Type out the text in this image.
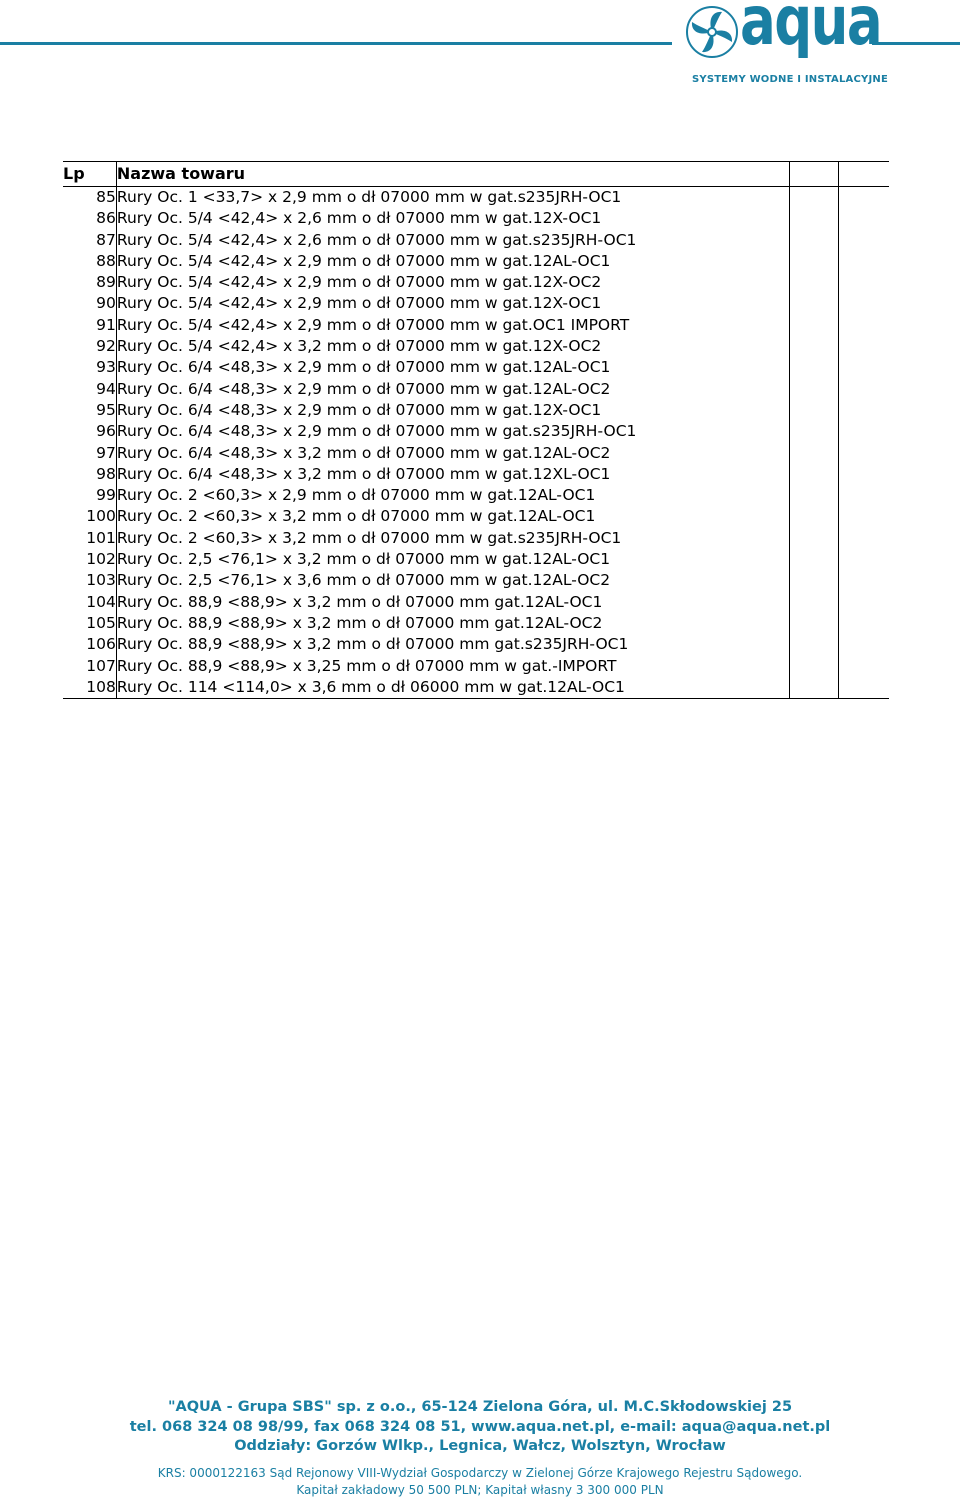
aqua
SYSTEMY WODNE I INSTALACYJNE
Lp	Nazwa towaru		
85	Rury Oc. 1 <33,7> x 2,9 mm o dł 07000 mm w gat.s235JRH-OC1		
86	Rury Oc. 5/4 <42,4> x 2,6 mm o dł 07000 mm w gat.12X-OC1		
87	Rury Oc. 5/4 <42,4> x 2,6 mm o dł 07000 mm w gat.s235JRH-OC1		
88	Rury Oc. 5/4 <42,4> x 2,9 mm o dł 07000 mm w gat.12AL-OC1		
89	Rury Oc. 5/4 <42,4> x 2,9 mm o dł 07000 mm w gat.12X-OC2		
90	Rury Oc. 5/4 <42,4> x 2,9 mm o dł 07000 mm w gat.12X-OC1		
91	Rury Oc. 5/4 <42,4> x 2,9 mm o dł 07000 mm w gat.OC1 IMPORT		
92	Rury Oc. 5/4 <42,4> x 3,2 mm o dł 07000 mm w gat.12X-OC2		
93	Rury Oc. 6/4 <48,3> x 2,9 mm o dł 07000 mm w gat.12AL-OC1		
94	Rury Oc. 6/4 <48,3> x 2,9 mm o dł 07000 mm w gat.12AL-OC2		
95	Rury Oc. 6/4 <48,3> x 2,9 mm o dł 07000 mm w gat.12X-OC1		
96	Rury Oc. 6/4 <48,3> x 2,9 mm o dł 07000 mm w gat.s235JRH-OC1		
97	Rury Oc. 6/4 <48,3> x 3,2 mm o dł 07000 mm w gat.12AL-OC2		
98	Rury Oc. 6/4 <48,3> x 3,2 mm o dł 07000 mm w gat.12XL-OC1		
99	Rury Oc. 2 <60,3> x 2,9 mm o dł 07000 mm w gat.12AL-OC1		
100	Rury Oc. 2 <60,3> x 3,2 mm o dł 07000 mm w gat.12AL-OC1		
101	Rury Oc. 2 <60,3> x 3,2 mm o dł 07000 mm w gat.s235JRH-OC1		
102	Rury Oc. 2,5 <76,1> x 3,2 mm o dł 07000 mm w gat.12AL-OC1		
103	Rury Oc. 2,5 <76,1> x 3,6 mm o dł 07000 mm w gat.12AL-OC2		
104	Rury Oc. 88,9 <88,9> x 3,2 mm o dł 07000 mm gat.12AL-OC1		
105	Rury Oc. 88,9 <88,9> x 3,2 mm o dł 07000 mm gat.12AL-OC2		
106	Rury Oc. 88,9 <88,9> x 3,2 mm o dł 07000 mm gat.s235JRH-OC1		
107	Rury Oc. 88,9 <88,9> x 3,25 mm o dł 07000 mm w gat.-IMPORT		
108	Rury Oc. 114 <114,0> x 3,6 mm o dł 06000 mm w gat.12AL-OC1		
"AQUA - Grupa SBS" sp. z o.o., 65-124 Zielona Góra, ul. M.C.Skłodowskiej 25
tel. 068 324 08 98/99, fax 068 324 08 51, www.aqua.net.pl, e-mail: aqua@aqua.net.pl
Oddziały: Gorzów Wlkp., Legnica, Wałcz, Wolsztyn, Wrocław
KRS: 0000122163 Sąd Rejonowy VIII-Wydział Gospodarczy w Zielonej Górze Krajowego Rejestru Sądowego.
Kapitał zakładowy 50 500 PLN; Kapitał własny 3 300 000 PLN
